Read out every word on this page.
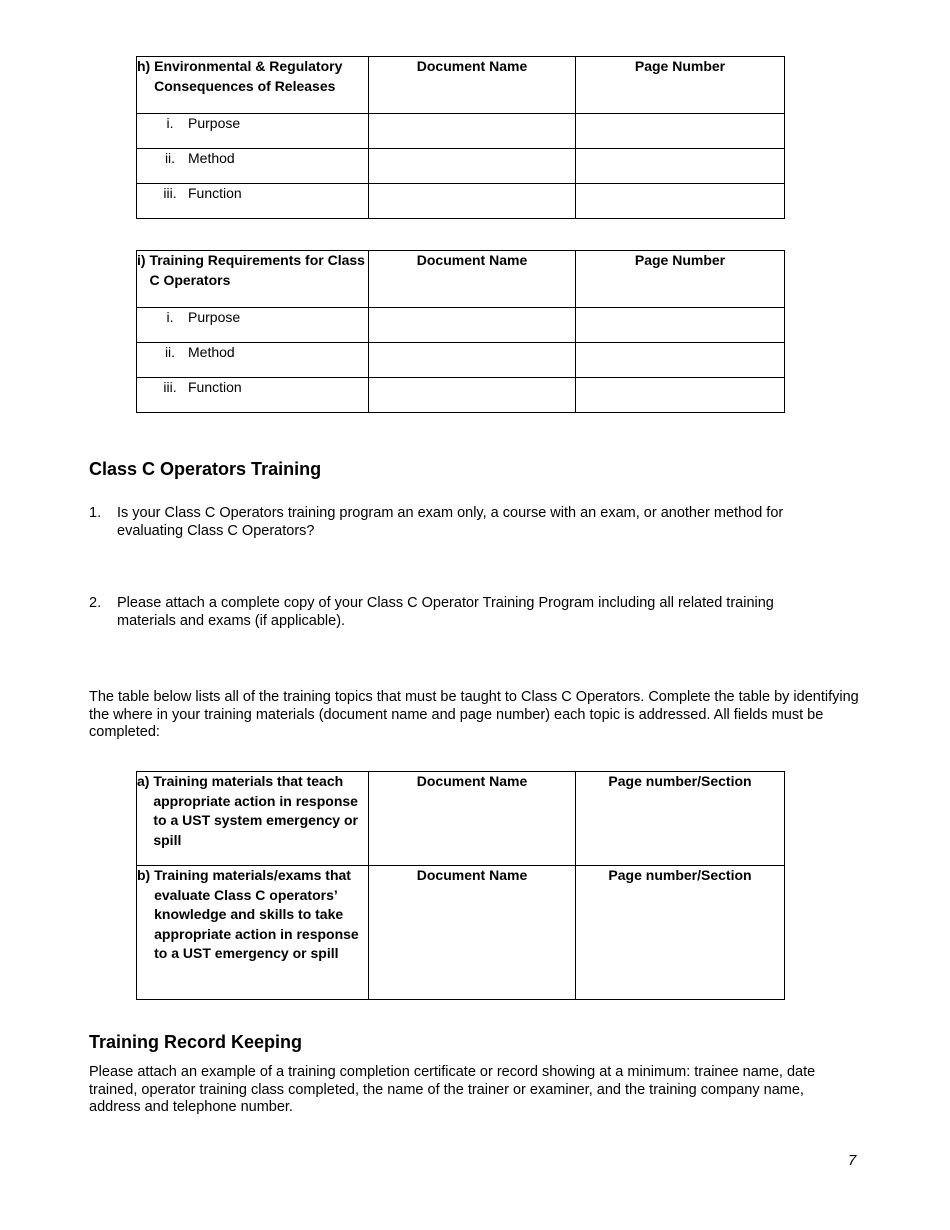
h)
Environmental & Regulatory Consequences of Releases	Document Name	Page Number
i. Purpose		
ii. Method		
iii. Function		
i)
Training Requirements for Class C Operators	Document Name	Page Number
i. Purpose		
ii. Method		
iii. Function		
Class C Operators Training
1.	Is your Class C Operators training program an exam only, a course with an exam, or another method for evaluating Class C Operators?
2.	Please attach a complete copy of your Class C Operator Training Program including all related training materials and exams (if applicable).

The table below lists all of the training topics that must be taught to Class C Operators. Complete the table by identifying the where in your training materials (document name and page number) each topic is addressed. All fields must be completed:

a)
Training materials that teach appropriate action in response to a UST system emergency or spill	Document Name	Page number/Section

b)
Training materials/exams that evaluate Class C operators’ knowledge and skills to take appropriate action in response to a UST emergency or spill	Document Name	Page number/Section
Training Record Keeping

Please attach an example of a training completion certificate or record showing at a minimum: trainee name, date trained, operator training class completed, the name of the trainer or examiner, and the training company name, address and telephone number.

7
